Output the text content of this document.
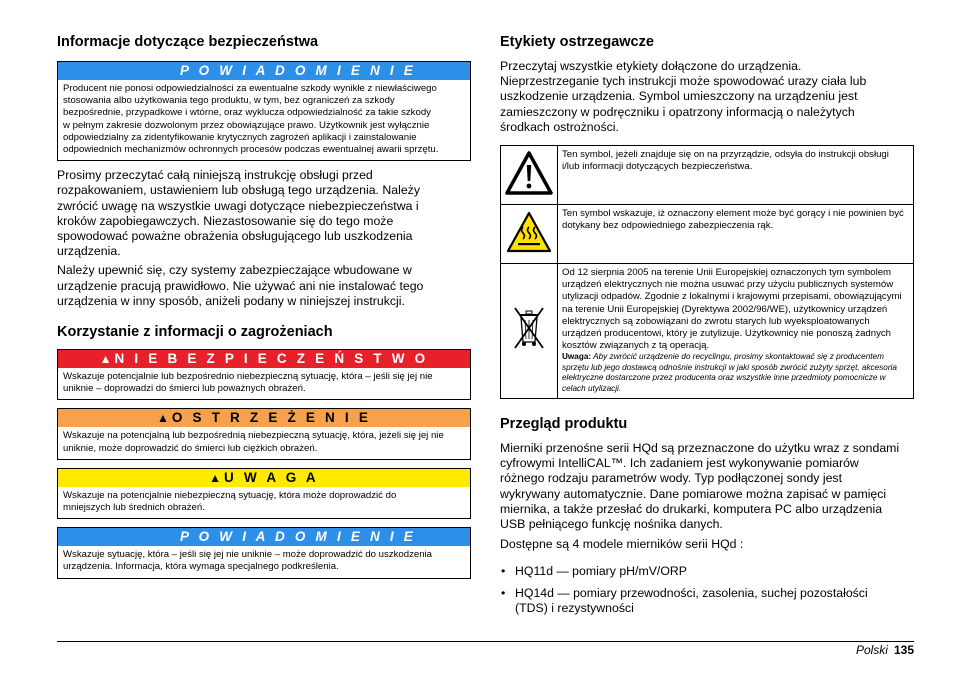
Informacje dotyczące bezpieczeństwa
P O W I A D O M I E N I E
Producent nie ponosi odpowiedzialności za ewentualne szkody wynikłe z niewłaściwego stosowania albo użytkowania tego produktu, w tym, bez ograniczeń za szkody bezpośrednie, przypadkowe i wtórne, oraz wyklucza odpowiedzialność za takie szkody w pełnym zakresie dozwolonym przez obowiązujące prawo. Użytkownik jest wyłącznie odpowiedzialny za zidentyfikowanie krytycznych zagrożeń aplikacji i zainstalowanie odpowiednich mechanizmów ochronnych procesów podczas ewentualnej awarii sprzętu.

Prosimy przeczytać całą niniejszą instrukcję obsługi przed rozpakowaniem, ustawieniem lub obsługą tego urządzenia. Należy zwrócić uwagę na wszystkie uwagi dotyczące niebezpieczeństwa i kroków zapobiegawczych. Niezastosowanie się do tego może spowodować poważne obrażenia obsługującego lub uszkodzenia urządzenia.

Należy upewnić się, czy systemy zabezpieczające wbudowane w urządzenie pracują prawidłowo. Nie używać ani nie instalować tego urządzenia w inny sposób, aniżeli podany w niniejszej instrukcji.

Korzystanie z informacji o zagrożeniach
▲ N I E B E Z P I E C Z E Ń S T W O
Wskazuje potencjalnie lub bezpośrednio niebezpieczną sytuację, która – jeśli się jej nie uniknie – doprowadzi do śmierci lub poważnych obrażeń.
▲ O S T R Z E Ż E N I E
Wskazuje na potencjalną lub bezpośrednią niebezpieczną sytuację, która, jeżeli się jej nie uniknie, może doprowadzić do śmierci lub ciężkich obrażeń.
▲ U W A G A
Wskazuje na potencjalnie niebezpieczną sytuację, która może doprowadzić do mniejszych lub średnich obrażeń.
P O W I A D O M I E N I E
Wskazuje sytuację, która – jeśli się jej nie uniknie – może doprowadzić do uszkodzenia urządzenia. Informacja, która wymaga specjalnego podkreślenia.
Etykiety ostrzegawcze

Przeczytaj wszystkie etykiety dołączone do urządzenia. Nieprzestrzeganie tych instrukcji może spowodować urazy ciała lub uszkodzenie urządzenia. Symbol umieszczony na urządzeniu jest zamieszczony w podręczniku i opatrzony informacją o należytych środkach ostrożności.

	Ten symbol, jeżeli znajduje się on na przyrządzie, odsyła do instrukcji obsługi i/lub informacji dotyczących bezpieczeństwa.
	Ten symbol wskazuje, iż oznaczony element może być gorący i nie powinien być dotykany bez odpowiedniego zabezpieczenia rąk.

Od 12 sierpnia 2005 na terenie Unii Europejskiej oznaczonych tym symbolem urządzeń elektrycznych nie można usuwać przy użyciu publicznych systemów utylizacji odpadów. Zgodnie z lokalnymi i krajowymi przepisami, obowiązującymi na terenie Unii Europejskiej (Dyrektywa 2002/96/WE), użytkownicy urządzeń elektrycznych są zobowiązani do zwrotu starych lub wyeksploatowanych urządzeń producentowi, który je zutylizuje. Użytkownicy nie ponoszą żadnych kosztów związanych z tą operacją.
Uwaga: Aby zwrócić urządzenie do recyclingu, prosimy skontaktować się z producentem sprzętu lub jego dostawcą odnośnie instrukcji w jaki sposób zwrócić zużyty sprzęt, akcesoria elektryczne dostarczone przez producenta oraz wszystkie inne przedmioty pomocnicze w celach utylizacji.
Przegląd produktu

Mierniki przenośne serii HQd są przeznaczone do użytku wraz z sondami cyfrowymi IntelliCAL™. Ich zadaniem jest wykonywanie pomiarów różnego rodzaju parametrów wody. Typ podłączonej sondy jest wykrywany automatycznie. Dane pomiarowe można zapisać w pamięci miernika, a także przesłać do drukarki, komputera PC albo urządzenia USB pełniącego funkcję nośnika danych.

Dostępne są 4 modele mierników serii HQd :

• HQ11d — pomiary pH/mV/ORP
• HQ14d — pomiary przewodności, zasolenia, suchej pozostałości (TDS) i rezystywności
Polski 135
